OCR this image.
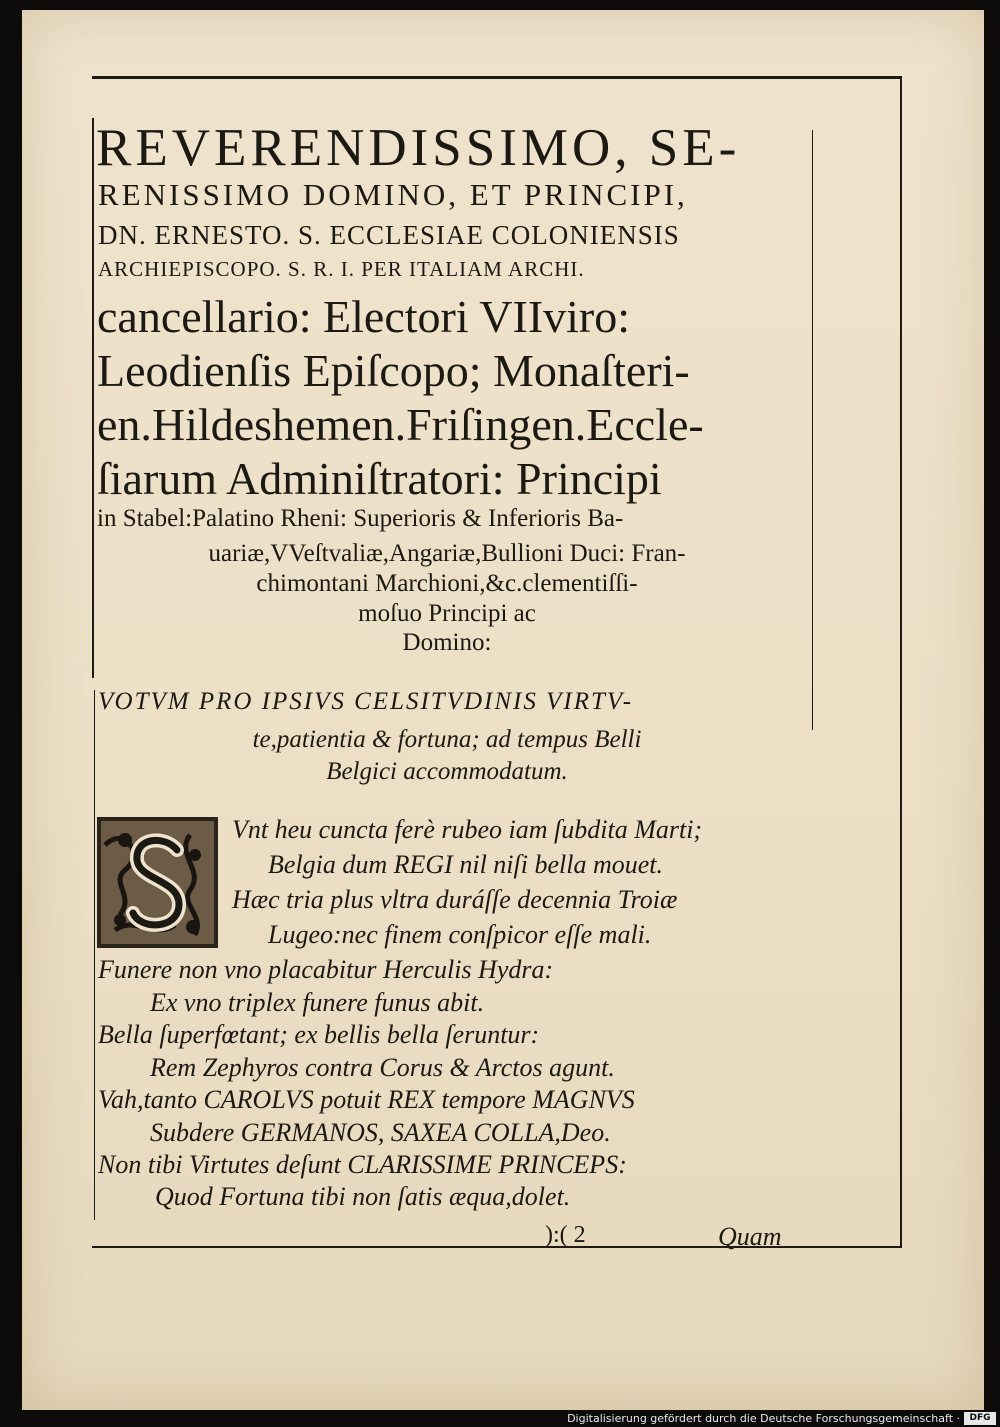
REVERENDISSIMO, SE-
RENISSIMO DOMINO, ET PRINCIPI,
DN. ERNESTO. S. ECCLESIAE COLONIENSIS
ARCHIEPISCOPO. S. R. I. PER ITALIAM ARCHI.
cancellario: Electori VIIviro:
Leodienſis Epiſcopo; Monaſteri-
en.Hildeshemen.Friſingen.Eccle-
ſiarum Adminiſtratori: Principi
in Stabel:Palatino Rheni: Superioris & Inferioris Ba-
uariæ,VVeſtvaliæ,Angariæ,Bullioni Duci: Fran-
chimontani Marchioni,&c.clementiſſi-
moſuo Principi ac
Domino:
VOTVM PRO IPSIVS CELSITVDINIS VIRTV-
te,patientia & fortuna; ad tempus Belli
Belgici accommodatum.
Vnt heu cuncta ferè rubeo iam ſubdita Marti;
Belgia dum REGI nil niſi bella mouet.
Hæc tria plus vltra duráſſe decennia Troiæ
Lugeo:nec finem conſpicor eſſe mali.
Funere non vno placabitur Herculis Hydra:
Ex vno triplex funere funus abit.
Bella ſuperfœtant; ex bellis bella ſeruntur:
Rem Zephyros contra Corus & Arctos agunt.
Vah,tanto CAROLVS potuit REX tempore MAGNVS
Subdere GERMANOS, SAXEA COLLA,Deo.
Non tibi Virtutes deſunt CLARISSIME PRINCEPS:
Quod Fortuna tibi non ſatis æqua,dolet.
):( 2	Quam
Digitalisierung gefördert durch die Deutsche Forschungsgemeinschaft ·	DFG
